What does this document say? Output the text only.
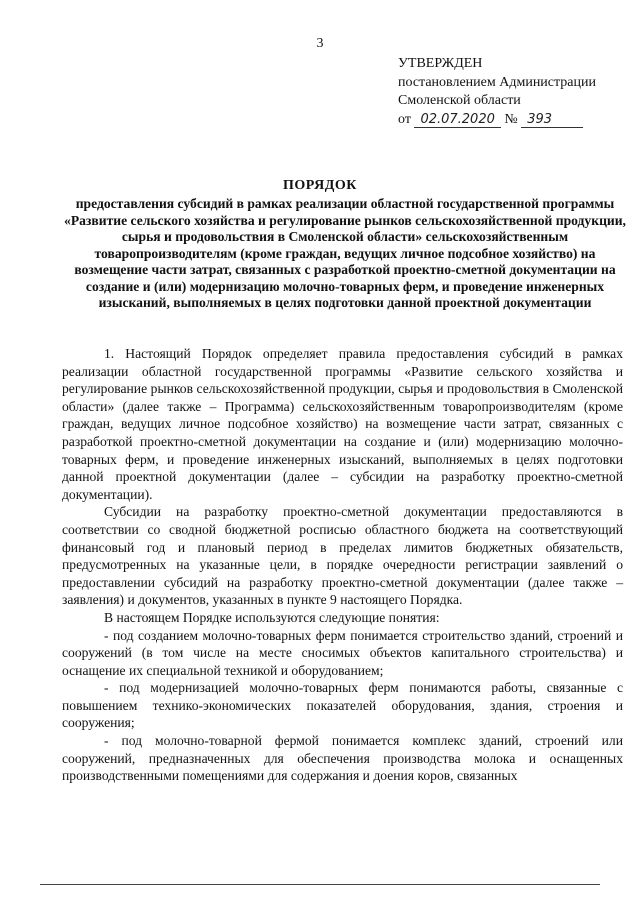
3
УТВЕРЖДЕН
постановлением Администрации
Смоленской области
от 02.07.2020 № 393
ПОРЯДОК
предоставления субсидий в рамках реализации областной государственной программы «Развитие сельского хозяйства и регулирование рынков сельскохозяйственной продукции, сырья и продовольствия в Смоленской области» сельскохозяйственным товаропроизводителям (кроме граждан, ведущих личное подсобное хозяйство) на возмещение части затрат, связанных с разработкой проектно-сметной документации на создание и (или) модернизацию молочно-товарных ферм, и проведение инженерных изысканий, выполняемых в целях подготовки данной проектной документации

1. Настоящий Порядок определяет правила предоставления субсидий в рамках реализации областной государственной программы «Развитие сельского хозяйства и регулирование рынков сельскохозяйственной продукции, сырья и продовольствия в Смоленской области» (далее также – Программа) сельскохозяйственным товаропроизводителям (кроме граждан, ведущих личное подсобное хозяйство) на возмещение части затрат, связанных с разработкой проектно-сметной документации на создание и (или) модернизацию молочно-товарных ферм, и проведение инженерных изысканий, выполняемых в целях подготовки данной проектной документации (далее – субсидии на разработку проектно-сметной документации).

Субсидии на разработку проектно-сметной документации предоставляются в соответствии со сводной бюджетной росписью областного бюджета на соответствующий финансовый год и плановый период в пределах лимитов бюджетных обязательств, предусмотренных на указанные цели, в порядке очередности регистрации заявлений о предоставлении субсидий на разработку проектно-сметной документации (далее также – заявления) и документов, указанных в пункте 9 настоящего Порядка.

В настоящем Порядке используются следующие понятия:

- под созданием молочно-товарных ферм понимается строительство зданий, строений и сооружений (в том числе на месте сносимых объектов капитального строительства) и оснащение их специальной техникой и оборудованием;

- под модернизацией молочно-товарных ферм понимаются работы, связанные с повышением технико-экономических показателей оборудования, здания, строения и сооружения;

- под молочно-товарной фермой понимается комплекс зданий, строений или сооружений, предназначенных для обеспечения производства молока и оснащенных производственными помещениями для содержания и доения коров, связанных
